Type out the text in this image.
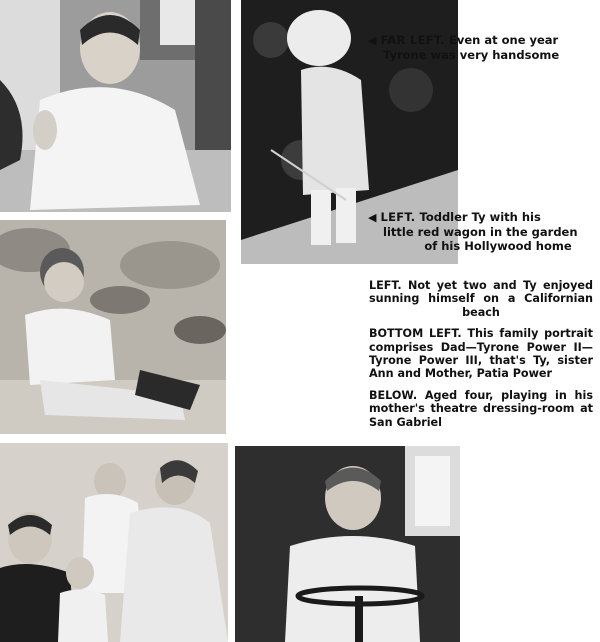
◀ FAR LEFT. Even at one year
Tyrone was very handsome
◀ LEFT. Toddler Ty with his
little red wagon in the garden
of his Hollywood home

LEFT. Not yet two and Ty enjoyed sunning himself on a Californian beach

BOTTOM LEFT. This family portrait comprises Dad—Tyrone Power II—Tyrone Power III, that's Ty, sister Ann and Mother, Patia Power

BELOW. Aged four, playing in his mother's theatre dressing-room at San Gabriel
